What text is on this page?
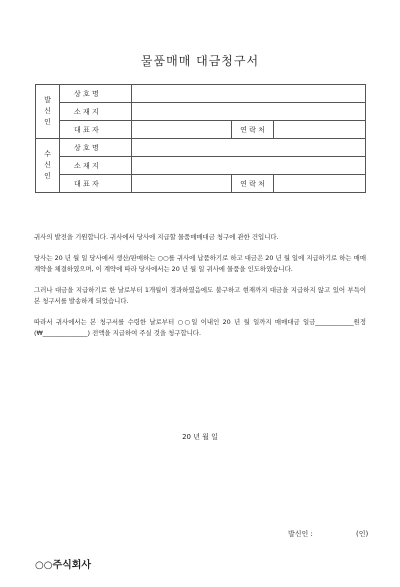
물품매매 대금청구서
발
신
인	상 호 명			
	소 재 지			
	대 표 자		연 락 처	
수
신
인	상 호 명			
	소 재 지			
	대 표 자		연 락 처	
귀사의 발전을 기원합니다. 귀사에서 당사에 지급할 물품매매대금 청구에 관한 건입니다.
당사는 20 년 월 일 당사에서 생산/판매하는 ○○를 귀사에 납품하기로 하고 대금은 20 년 월 일에 지급하기로 하는 매매계약을 체결하였으며, 이 계약에 따라 당사에서는 20 년 월 일 귀사에 물품을 인도하였습니다.
그러나 대금을 지급하기로 한 날로부터 1개월이 경과하였음에도 불구하고 현재까지 대금을 지급하지 않고 있어 부득이 본 청구서를 발송하게 되었습니다.
따라서 귀사에서는 본 청구서를 수령한 날로부터 ○○일 이내인 20 년 월 일까지 매매대금 일금____________원정 (₩______________) 전액을 지급하여 주실 것을 청구합니다.
20 년 월 일
발신인 :	(인)
○○주식회사
